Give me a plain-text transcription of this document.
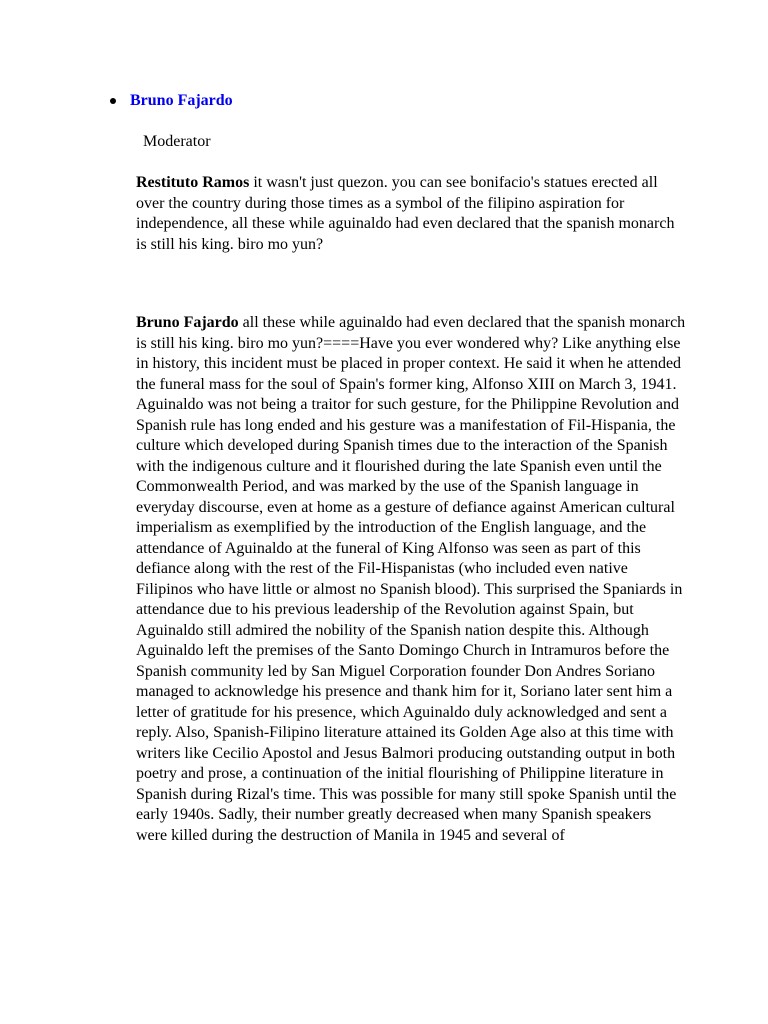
Bruno Fajardo
Moderator
Restituto Ramos it wasn't just quezon. you can see bonifacio's statues erected all over the country during those times as a symbol of the filipino aspiration for independence, all these while aguinaldo had even declared that the spanish monarch is still his king. biro mo yun?
Bruno Fajardo all these while aguinaldo had even declared that the spanish monarch is still his king. biro mo yun?====Have you ever wondered why? Like anything else in history, this incident must be placed in proper context. He said it when he attended the funeral mass for the soul of Spain's former king, Alfonso XIII on March 3, 1941. Aguinaldo was not being a traitor for such gesture, for the Philippine Revolution and Spanish rule has long ended and his gesture was a manifestation of Fil-Hispania, the culture which developed during Spanish times due to the interaction of the Spanish with the indigenous culture and it flourished during the late Spanish even until the Commonwealth Period, and was marked by the use of the Spanish language in everyday discourse, even at home as a gesture of defiance against American cultural imperialism as exemplified by the introduction of the English language, and the attendance of Aguinaldo at the funeral of King Alfonso was seen as part of this defiance along with the rest of the Fil-Hispanistas (who included even native Filipinos who have little or almost no Spanish blood). This surprised the Spaniards in attendance due to his previous leadership of the Revolution against Spain, but Aguinaldo still admired the nobility of the Spanish nation despite this. Although Aguinaldo left the premises of the Santo Domingo Church in Intramuros before the Spanish community led by San Miguel Corporation founder Don Andres Soriano managed to acknowledge his presence and thank him for it, Soriano later sent him a letter of gratitude for his presence, which Aguinaldo duly acknowledged and sent a reply. Also, Spanish-Filipino literature attained its Golden Age also at this time with writers like Cecilio Apostol and Jesus Balmori producing outstanding output in both poetry and prose, a continuation of the initial flourishing of Philippine literature in Spanish during Rizal's time. This was possible for many still spoke Spanish until the early 1940s. Sadly, their number greatly decreased when many Spanish speakers were killed during the destruction of Manila in 1945 and several of
